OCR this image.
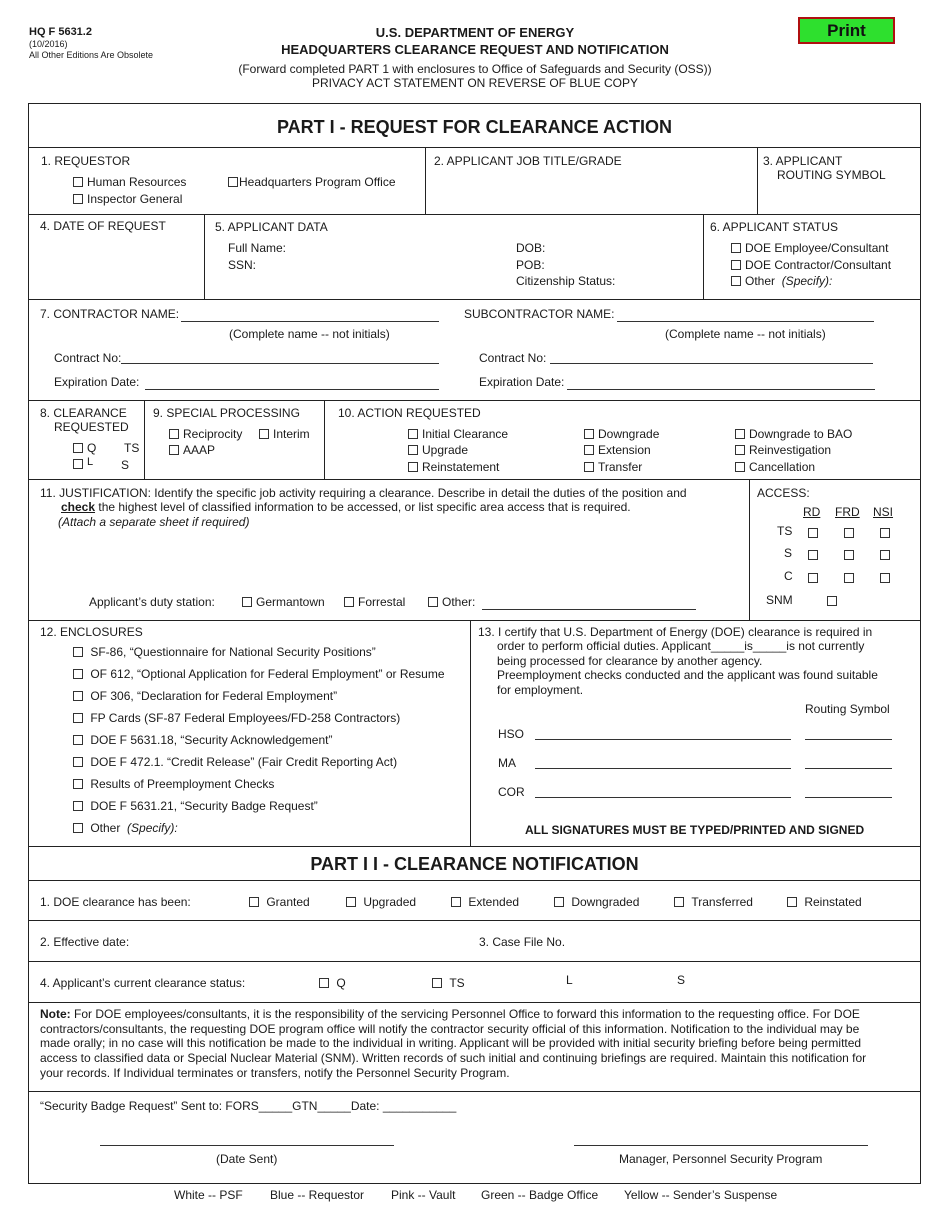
HQ F 5631.2
(10/2016)
All Other Editions Are Obsolete
U.S. DEPARTMENT OF ENERGY
HEADQUARTERS CLEARANCE REQUEST AND NOTIFICATION
(Forward completed PART 1 with enclosures to Office of Safeguards and Security (OSS))
PRIVACY ACT STATEMENT ON REVERSE OF BLUE COPY
Print
PART I - REQUEST FOR CLEARANCE ACTION
1. REQUESTOR
Human Resources	Headquarters Program Office
Inspector General
2. APPLICANT JOB TITLE/GRADE	3. APPLICANT
ROUTING SYMBOL
4. DATE OF REQUEST	5. APPLICANT DATA
Full Name:
SSN:
DOB:
POB:
Citizenship Status:
6. APPLICANT STATUS
DOE Employee/Consultant
DOE Contractor/Consultant
Other (Specify):
7. CONTRACTOR NAME:
(Complete name -- not initials)
Contract No:
Expiration Date:
SUBCONTRACTOR NAME:
(Complete name -- not initials)
Contract No:
Expiration Date:
8. CLEARANCE
REQUESTED
Q TS
L S
9. SPECIAL PROCESSING
Reciprocity	Interim
AAAP
10. ACTION REQUESTED
Initial Clearance
Upgrade
Reinstatement
Downgrade
Extension
Transfer
Downgrade to BAO
Reinvestigation
Cancellation
11. JUSTIFICATION: Identify the specific job activity requiring a clearance. Describe in detail the duties of the position and
check the highest level of classified information to be accessed, or list specific area access that is required.
(Attach a separate sheet if required)
Applicant’s duty station:	Germantown	Forrestal	Other:
ACCESS:
RD FRD NSI
TS
S
C
SNM
12. ENCLOSURES
SF-86, “Questionnaire for National Security Positions”
OF 612, “Optional Application for Federal Employment” or Resume
OF 306, “Declaration for Federal Employment”
FP Cards (SF-87 Federal Employees/FD-258 Contractors)
DOE F 5631.18, “Security Acknowledgement”
DOE F 472.1. “Credit Release” (Fair Credit Reporting Act)
Results of Preemployment Checks
DOE F 5631.21, “Security Badge Request”
Other (Specify):
13. I certify that U.S. Department of Energy (DOE) clearance is required in
order to perform official duties. Applicant_____is_____is not currently
being processed for clearance by another agency.
Preemployment checks conducted and the applicant was found suitable
for employment.
Routing Symbol
HSO
MA
COR
ALL SIGNATURES MUST BE TYPED/PRINTED AND SIGNED
PART I I - CLEARANCE NOTIFICATION
1. DOE clearance has been:	Granted	Upgraded	Extended	Downgraded	Transferred	Reinstated
2. Effective date:	3. Case File No.
4. Applicant’s current clearance status:	Q	TS	L	S
Note: For DOE employees/consultants, it is the responsibility of the servicing Personnel Office to forward this information to the requesting office. For DOE contractors/consultants, the requesting DOE program office will notify the contractor security official of this information. Notification to the individual may be made orally; in no case will this notification be made to the individual in writing. Applicant will be provided with initial security briefing before being permitted access to classified data or Special Nuclear Material (SNM). Written records of such initial and continuing briefings are required. Maintain this notification for your records. If Individual terminates or transfers, notify the Personnel Security Program.
“Security Badge Request” Sent to: FORS_____GTN_____Date: ___________
(Date Sent)	Manager, Personnel Security Program
White -- PSF Blue -- Requestor Pink -- Vault Green -- Badge Office Yellow -- Sender’s Suspense
